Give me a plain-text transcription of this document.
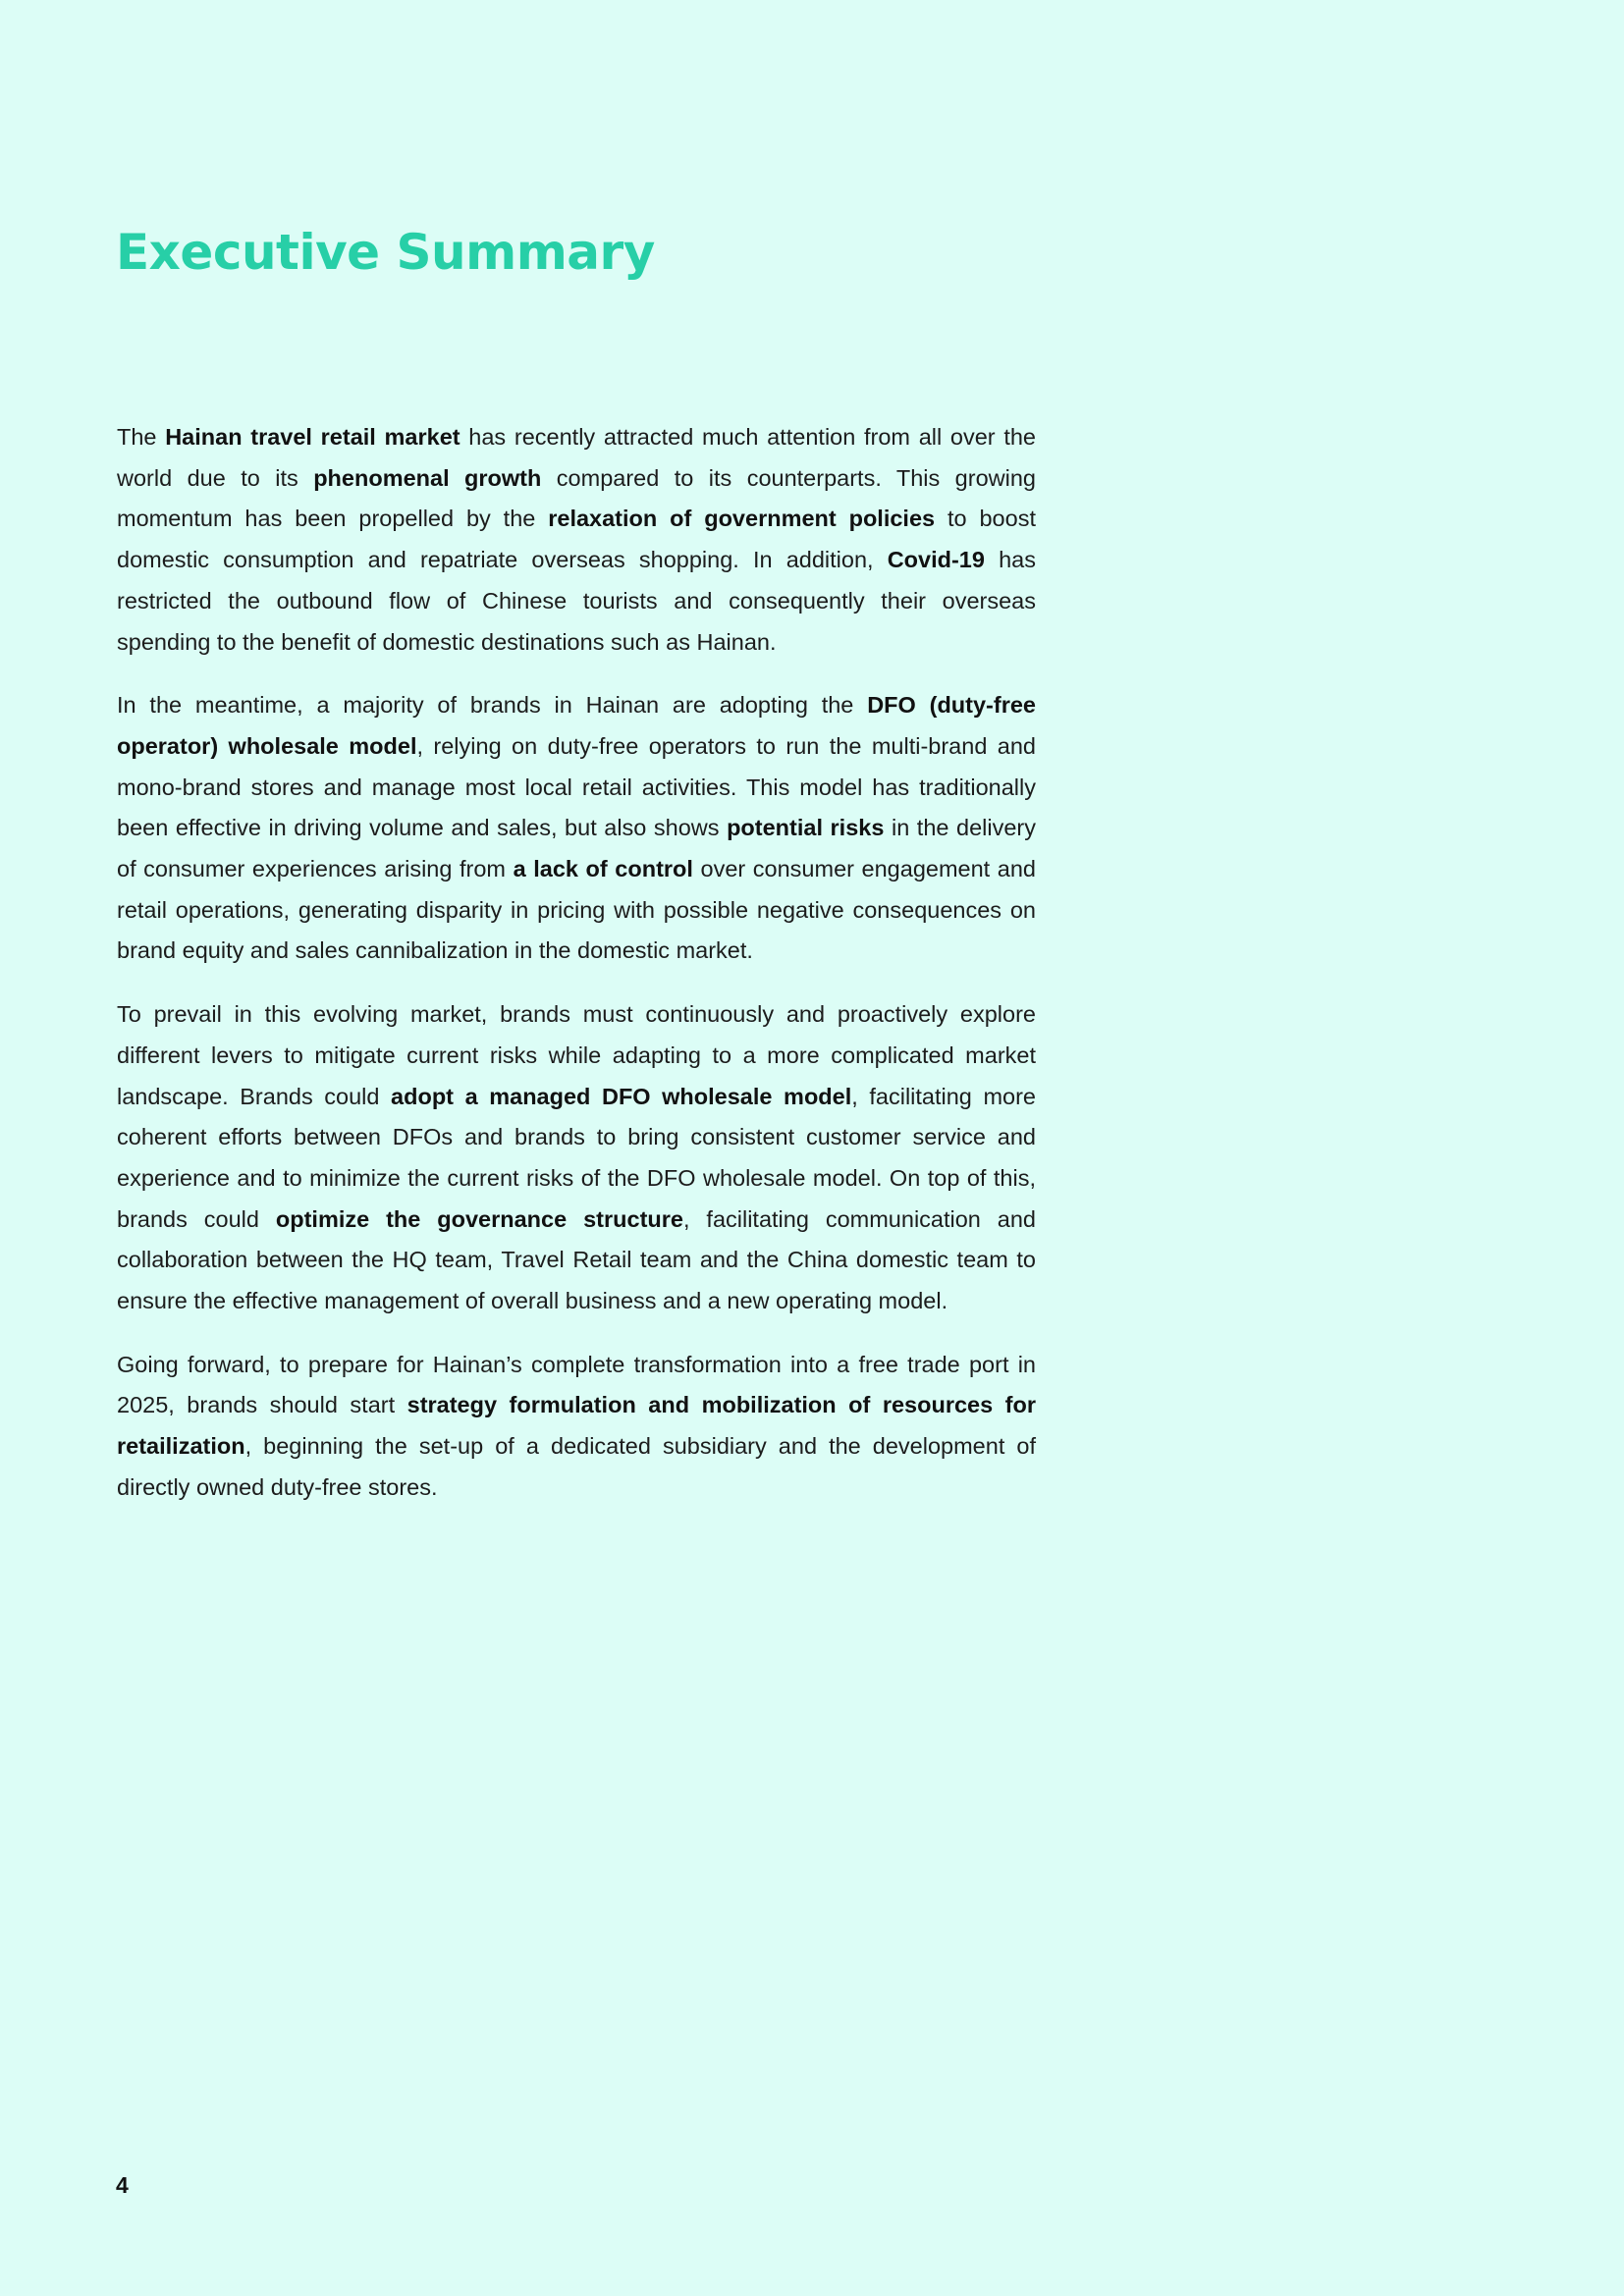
Executive Summary

The Hainan travel retail market has recently attracted much attention from all over the world due to its phenomenal growth compared to its counterparts. This growing momentum has been propelled by the relaxation of government policies to boost domestic consumption and repatriate overseas shopping. In addition, Covid-19 has restricted the outbound flow of Chinese tourists and consequently their overseas spending to the benefit of domestic destinations such as Hainan.

In the meantime, a majority of brands in Hainan are adopting the DFO (duty-free operator) wholesale model, relying on duty-free operators to run the multi-brand and mono-brand stores and manage most local retail activities. This model has traditionally been effective in driving volume and sales, but also shows potential risks in the delivery of consumer experiences arising from a lack of control over consumer engagement and retail operations, generating disparity in pricing with possible negative consequences on brand equity and sales cannibalization in the domestic market.

To prevail in this evolving market, brands must continuously and proactively explore different levers to mitigate current risks while adapting to a more complicated market landscape. Brands could adopt a managed DFO wholesale model, facilitating more coherent efforts between DFOs and brands to bring consistent customer service and experience and to minimize the current risks of the DFO wholesale model. On top of this, brands could optimize the governance structure, facilitating communication and collaboration between the HQ team, Travel Retail team and the China domestic team to ensure the effective management of overall business and a new operating model.

Going forward, to prepare for Hainan’s complete transformation into a free trade port in 2025, brands should start strategy formulation and mobilization of resources for retailization, beginning the set-up of a dedicated subsidiary and the development of directly owned duty-free stores.

4
